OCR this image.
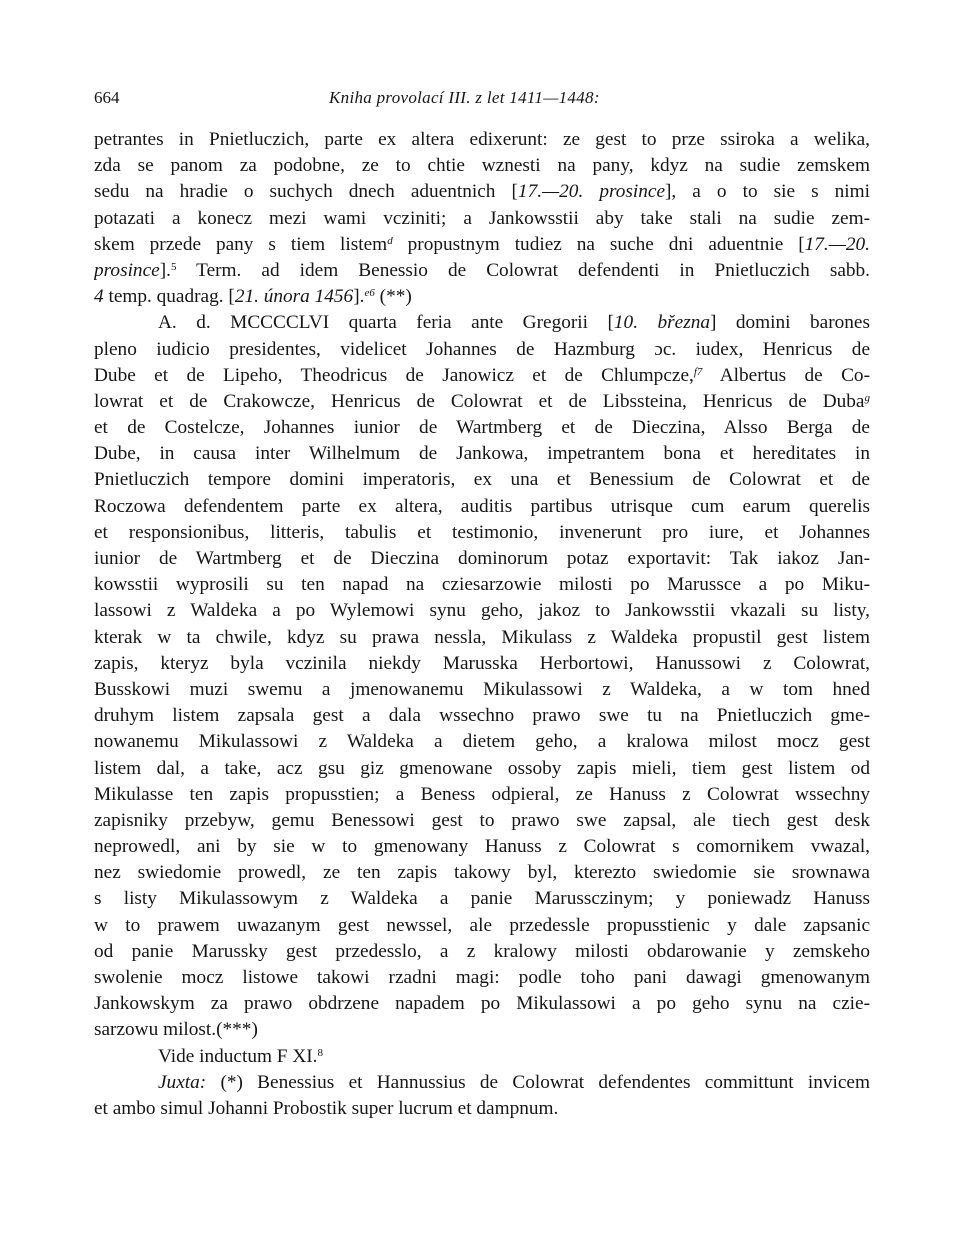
664	Kniha provolací III. z let 1411—1448:
petrantes in Pnietluczich, parte ex altera edixerunt: ze gest to prze ssiroka a welika,
zda se panom za podobne, ze to chtie wznesti na pany, kdyz na sudie zemskem
sedu na hradie o suchych dnech aduentnich [17.—20. prosince], a o to sie s nimi
potazati a konecz mezi wami vcziniti; a Jankowsstii aby take stali na sudie zem-
skem przede pany s tiem listem$^d$ propustnym tudiez na suche dni aduentnie [17.—20.
prosince].$^5$ Term. ad idem Benessio de Colowrat defendenti in Pnietluczich sabb.
4 temp. quadrag. [21. února 1456].$^{e6}$ (**)
A. d. MCCCCLVI quarta feria ante Gregorii [10. března] domini barones
pleno iudicio presidentes, videlicet Johannes de Hazmburg ɔc. iudex, Henricus de
Dube et de Lipeho, Theodricus de Janowicz et de Chlumpcze,$^{f7}$ Albertus de Co-
lowrat et de Crakowcze, Henricus de Colowrat et de Libssteina, Henricus de Duba$^g$
et de Costelcze, Johannes iunior de Wartmberg et de Dieczina, Alsso Berga de
Dube, in causa inter Wilhelmum de Jankowa, impetrantem bona et hereditates in
Pnietluczich tempore domini imperatoris, ex una et Benessium de Colowrat et de
Roczowa defendentem parte ex altera, auditis partibus utrisque cum earum querelis
et responsionibus, litteris, tabulis et testimonio, invenerunt pro iure, et Johannes
iunior de Wartmberg et de Dieczina dominorum potaz exportavit: Tak iakoz Jan-
kowsstii wyprosili su ten napad na cziesarzowie milosti po Marussce a po Miku-
lassowi z Waldeka a po Wylemowi synu geho, jakoz to Jankowsstii vkazali su listy,
kterak w ta chwile, kdyz su prawa nessla, Mikulass z Waldeka propustil gest listem
zapis, kteryz byla vczinila niekdy Marusska Herbortowi, Hanussowi z Colowrat,
Busskowi muzi swemu a jmenowanemu Mikulassowi z Waldeka, a w tom hned
druhym listem zapsala gest a dala wssechno prawo swe tu na Pnietluczich gme-
nowanemu Mikulassowi z Waldeka a dietem geho, a kralowa milost mocz gest
listem dal, a take, acz gsu giz gmenowane ossoby zapis mieli, tiem gest listem od
Mikulasse ten zapis propusstien; a Beness odpieral, ze Hanuss z Colowrat wssechny
zapisniky przebyw, gemu Benessowi gest to prawo swe zapsal, ale tiech gest desk
neprowedl, ani by sie w to gmenowany Hanuss z Colowrat s comornikem vwazal,
nez swiedomie prowedl, ze ten zapis takowy byl, kterezto swiedomie sie srownawa
s listy Mikulassowym z Waldeka a panie Marussczinym; y poniewadz Hanuss
w to prawem uwazanym gest newssel, ale przedessle propusstienic y dale zapsanic
od panie Marussky gest przedesslo, a z kralowy milosti obdarowanie y zemskeho
swolenie mocz listowe takowi rzadni magi: podle toho pani dawagi gmenowanym
Jankowskym za prawo obdrzene napadem po Mikulassowi a po geho synu na czie-
sarzowu milost.(***)
Vide inductum F XI.$^8$
Juxta: (*) Benessius et Hannussius de Colowrat defendentes committunt invicem
et ambo simul Johanni Probostik super lucrum et dampnum.
